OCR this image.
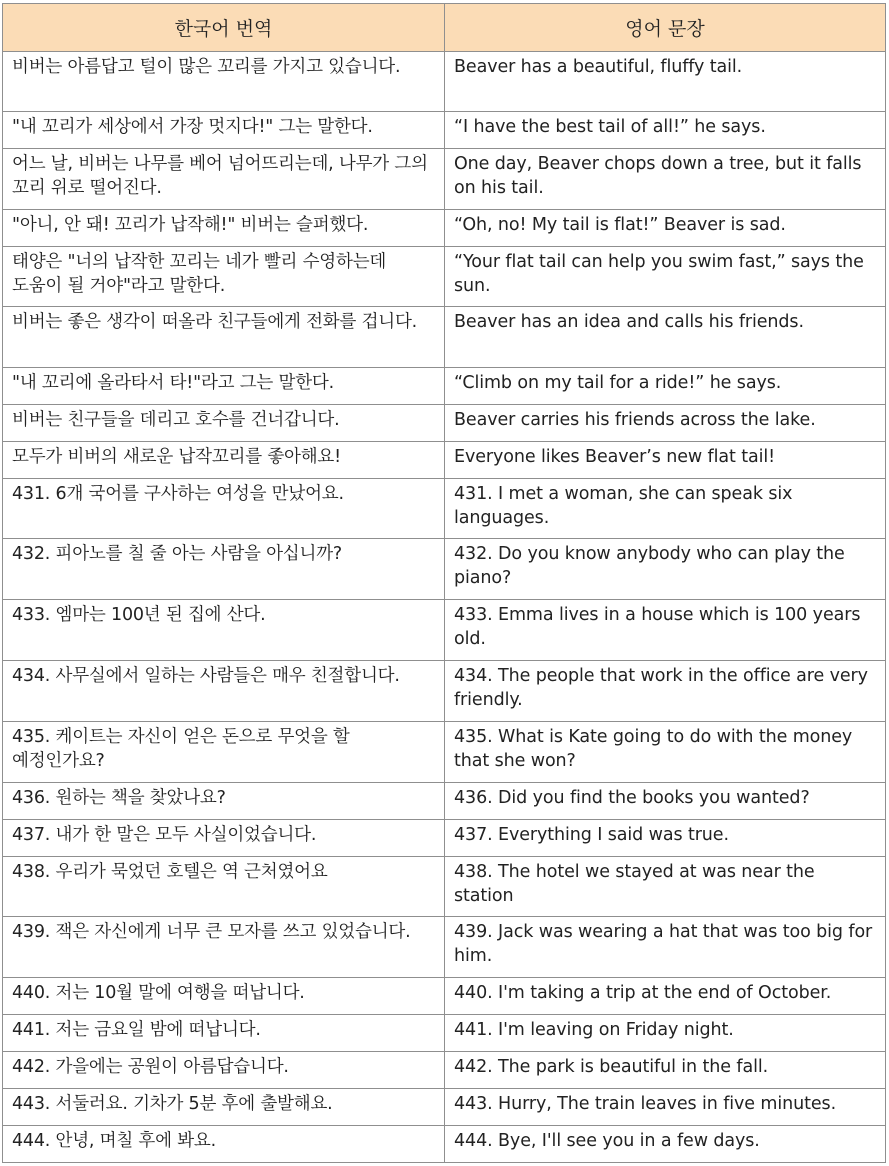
한국어 번역	영어 문장
비버는 아름답고 털이 많은 꼬리를 가지고 있습니다.	Beaver has a beautiful, fluffy tail.
"내 꼬리가 세상에서 가장 멋지다!" 그는 말한다.	“I have the best tail of all!” he says.
어느 날, 비버는 나무를 베어 넘어뜨리는데, 나무가 그의 꼬리 위로 떨어진다.	One day, Beaver chops down a tree, but it falls on his tail.
"아니, 안 돼! 꼬리가 납작해!" 비버는 슬퍼했다.	“Oh, no! My tail is flat!” Beaver is sad.
태양은 "너의 납작한 꼬리는 네가 빨리 수영하는데 도움이 될 거야"라고 말한다.	“Your flat tail can help you swim fast,” says the sun.
비버는 좋은 생각이 떠올라 친구들에게 전화를 겁니다.	Beaver has an idea and calls his friends.
"내 꼬리에 올라타서 타!"라고 그는 말한다.	“Climb on my tail for a ride!” he says.
비버는 친구들을 데리고 호수를 건너갑니다.	Beaver carries his friends across the lake.
모두가 비버의 새로운 납작꼬리를 좋아해요!	Everyone likes Beaver’s new flat tail!
431. 6개 국어를 구사하는 여성을 만났어요.	431. I met a woman, she can speak six languages.
432. 피아노를 칠 줄 아는 사람을 아십니까?	432. Do you know anybody who can play the piano?
433. 엠마는 100년 된 집에 산다.	433. Emma lives in a house which is 100 years old.
434. 사무실에서 일하는 사람들은 매우 친절합니다.	434. The people that work in the office are very friendly.
435. 케이트는 자신이 얻은 돈으로 무엇을 할 예정인가요?	435. What is Kate going to do with the money that she won?
436. 원하는 책을 찾았나요?	436. Did you find the books you wanted?
437. 내가 한 말은 모두 사실이었습니다.	437. Everything I said was true.
438. 우리가 묵었던 호텔은 역 근처였어요	438. The hotel we stayed at was near the station
439. 잭은 자신에게 너무 큰 모자를 쓰고 있었습니다.	439. Jack was wearing a hat that was too big for him.
440. 저는 10월 말에 여행을 떠납니다.	440. I'm taking a trip at the end of October.
441. 저는 금요일 밤에 떠납니다.	441. I'm leaving on Friday night.
442. 가을에는 공원이 아름답습니다.	442. The park is beautiful in the fall.
443. 서둘러요. 기차가 5분 후에 출발해요.	443. Hurry, The train leaves in five minutes.
444. 안녕, 며칠 후에 봐요.	444. Bye, I'll see you in a few days.
